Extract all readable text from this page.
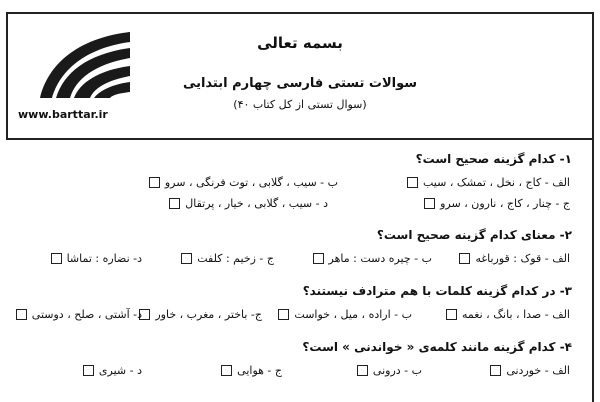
www.barttar.ir
بسمه تعالی
سوالات تستی فارسی چهارم ابتدایی
(۴۰ سوال تستی از کل کتاب)
۱- کدام گزینه صحیح است؟
الف - کاج ، نخل ، تمشک ، سیب
ب - سیب ، گلابی ، توت فرنگی ، سرو
ج - چنار ، کاج ، نارون ، سرو
د - سیب ، گلابی ، خیار ، پرتقال
۲- معنای کدام گزینه صحیح است؟
الف - قوک : قورباغه
ب - چیره دست : ماهر
ج - زخیم : کلفت
د- نضاره : تماشا
۳- در کدام گزینه کلمات با هم مترادف نیستند؟
الف - صدا ، بانگ ، نغمه
ب - اراده ، میل ، خواست
ج- باختر ، مغرب ، خاور
د- آشتی ، صلح ، دوستی
۴- کدام گزینه مانند کلمه‌ی « خواندنی » است؟
الف - خوردنی
ب - درونی
ج - هوایی
د - شیری
